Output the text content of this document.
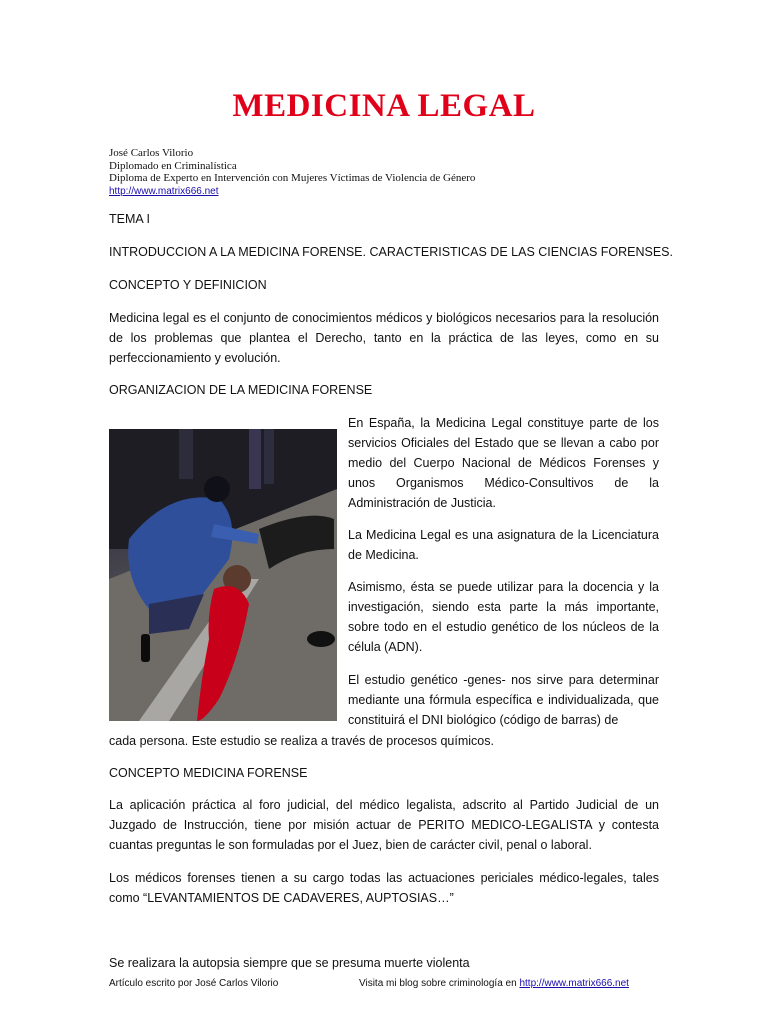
MEDICINA LEGAL
José Carlos Vilorio
Diplomado en Criminalística
Diploma de Experto en Intervención con Mujeres Víctimas de Violencia de Género
http://www.matrix666.net
TEMA I
INTRODUCCION A LA MEDICINA FORENSE. CARACTERISTICAS DE LAS CIENCIAS FORENSES.
CONCEPTO Y DEFINICION
Medicina legal es el conjunto de conocimientos médicos y biológicos necesarios para la resolución de los problemas que plantea el Derecho, tanto en la práctica de las leyes, como en su perfeccionamiento y evolución.
ORGANIZACION DE LA MEDICINA FORENSE
En España, la Medicina Legal constituye parte de los servicios Oficiales del Estado que se llevan a cabo por medio del Cuerpo Nacional de Médicos Forenses y unos Organismos Médico-Consultivos de la Administración de Justicia.
La Medicina Legal es una asignatura de la Licenciatura de Medicina.
Asimismo, ésta se puede utilizar para la docencia y la investigación, siendo esta parte la más importante, sobre todo en el estudio genético de los núcleos de la célula (ADN).
El estudio genético -genes- nos sirve para determinar mediante una fórmula específica e individualizada, que constituirá el DNI biológico (código de barras) de
cada persona. Este estudio se realiza a través de procesos químicos.
CONCEPTO MEDICINA FORENSE
La aplicación práctica al foro judicial, del médico legalista, adscrito al Partido Judicial de un Juzgado de Instrucción, tiene por misión actuar de PERITO MEDICO-LEGALISTA y contesta cuantas preguntas le son formuladas por el Juez, bien de carácter civil, penal o laboral.
Los médicos forenses tienen a su cargo todas las actuaciones periciales médico-legales, tales como “LEVANTAMIENTOS DE CADAVERES, AUPTOSIAS…”
Se realizara la autopsia siempre que se presuma muerte violenta
Artículo escrito por José Carlos Vilorio	Visita mi blog sobre criminología en http://www.matrix666.net
